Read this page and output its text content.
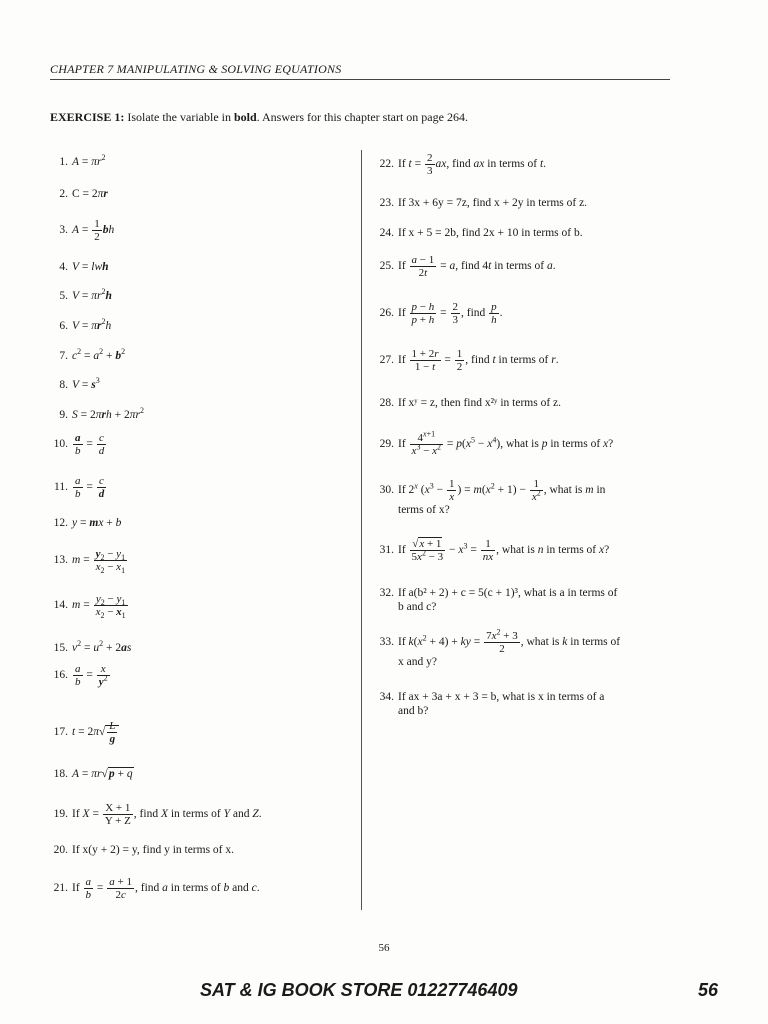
CHAPTER 7 MANIPULATING & SOLVING EQUATIONS
EXERCISE 1: Isolate the variable in bold. Answers for this chapter start on page 264.
1. $A = \pi r^2$
2. C = 2πr
3. $A = \frac{1}{2}$ bh
4. V = lwh
5. $V = \pi r^2h$
6. $V = \pi r^2h$
7. $c^2 = a^2 + b^2$
8. $V = s^3$
9. $S = 2\pi rh + 2\pi r^2$
10. $\frac{a}{b} = \frac{c}{d}$
11. $\frac{a}{b} = \frac{c}{d}$
12. y = mx + b
13. $m = \frac{y_2 - y_1}{x_2 - x_1}$
14. $m = \frac{y_2 - y_1}{x_2 - x_1}$
15. $v^2 = u^2 + 2as$
16. $\frac{a}{b} = \frac{x}{y^2}$
17. $t = 2\pi√ \frac{L}{g}$
18. A = πr√p + q
19. If $X = \frac{X + 1}{Y + Z}$ , find X in terms of Y and Z.
20. If x(y + 2) = y, find y in terms of x.
21. If $\frac{a}{b} = \frac{a + 1}{2c}$ , find a in terms of b and c.
22. If $t = \frac{2}{3}$ ax, find ax in terms of t.
23. If 3x + 6y = 7z, find x + 2y in terms of z.
24. If x + 5 = 2b, find 2x + 10 in terms of b.
25. If $\frac{a - 1}{2t} = a$, find 4t in terms of a.
26. If $\frac{p - h}{p + h} = \frac{2}{3}$ , find $\frac{p}{h}$ .
27. If $\frac{1 + 2r}{1 - t} = \frac{1}{2}$ , find t in terms of r.
28. If xʸ = z, then find x²ʸ in terms of z.
29. If $\frac{4^{x+1}}{x^3 - x^2} = p(x^5 - x^4)$, what is p in terms of x?
30. If 2$^x$ ($x^3 - \frac{1}{x}$ ) = $m(x^2 + 1) - \frac{1}{x^2}$ , what is m in
terms of x?
31. If $\frac{√x + 1}{5x^2 - 3} - x^3 = \frac{1}{nx}$ , what is n in terms of x?
32. If a(b² + 2) + c = 5(c + 1)³, what is a in terms of
b and c?
33. If $k(x^2 + 4)$ + ky = $\frac{7x^2 + 3}{2}$ , what is k in terms of
x and y?
34. If ax + 3a + x + 3 = b, what is x in terms of a
and b?
56
SAT & IG BOOK STORE 01227746409	56
